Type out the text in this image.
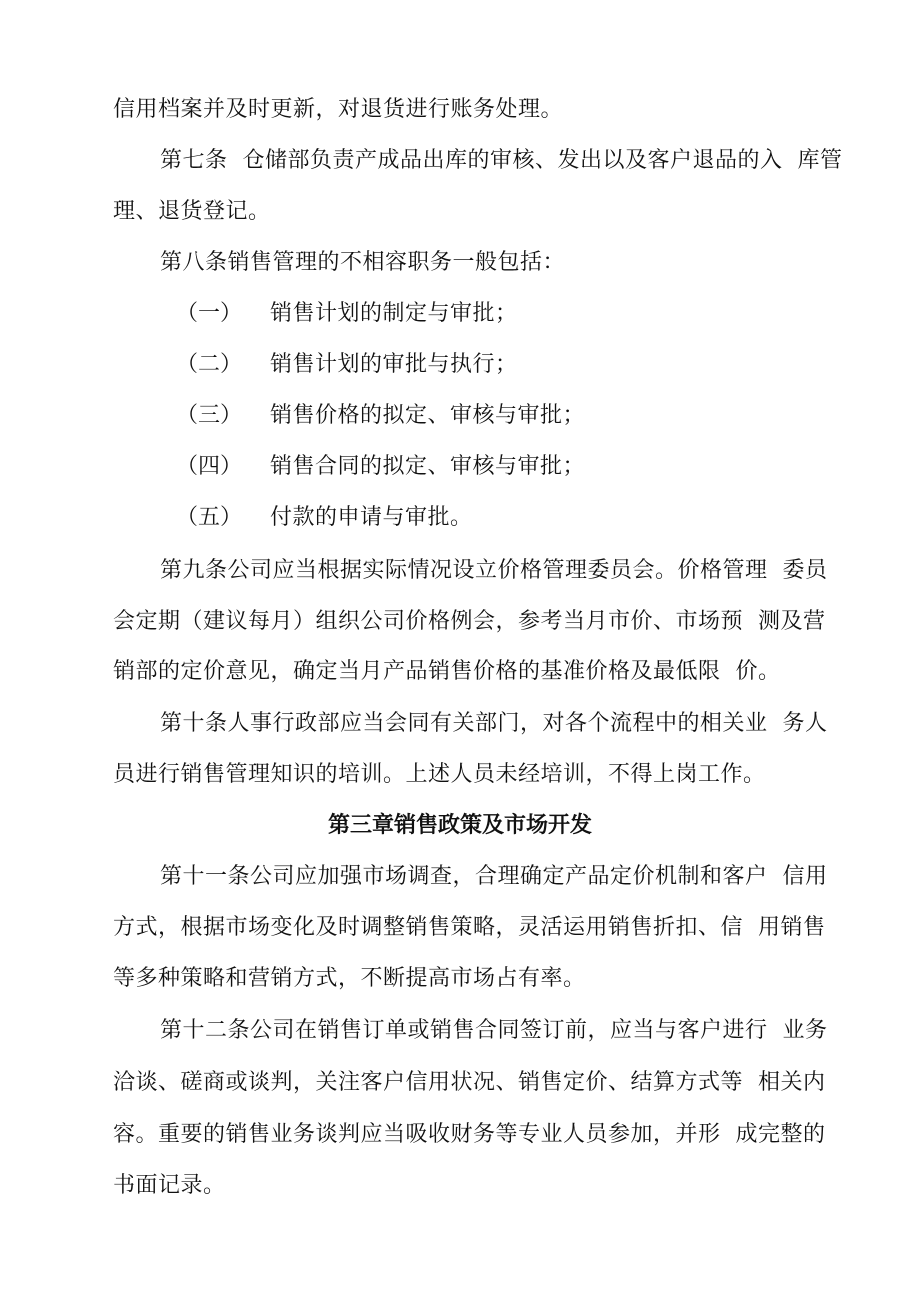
信用档案并及时更新，对退货进行账务处理。
第七条  仓储部负责产成品出库的审核、发出以及客户退品的入  库管
理、退货登记。
第八条销售管理的不相容职务一般包括：
（一） 销售计划的制定与审批；
（二） 销售计划的审批与执行；
（三） 销售价格的拟定、审核与审批；
（四） 销售合同的拟定、审核与审批；
（五） 付款的申请与审批。
第九条公司应当根据实际情况设立价格管理委员会。价格管理  委员
会定期（建议每月）组织公司价格例会，参考当月市价、市场预  测及营
销部的定价意见，确定当月产品销售价格的基准价格及最低限  价。
第十条人事行政部应当会同有关部门，对各个流程中的相关业  务人
员进行销售管理知识的培训。上述人员未经培训，不得上岗工作。
第三章销售政策及市场开发
第十一条公司应加强市场调查，合理确定产品定价机制和客户  信用
方式，根据市场变化及时调整销售策略，灵活运用销售折扣、信  用销售
等多种策略和营销方式，不断提高市场占有率。
第十二条公司在销售订单或销售合同签订前，应当与客户进行  业务
洽谈、磋商或谈判，关注客户信用状况、销售定价、结算方式等  相关内
容。重要的销售业务谈判应当吸收财务等专业人员参加，并形  成完整的
书面记录。
